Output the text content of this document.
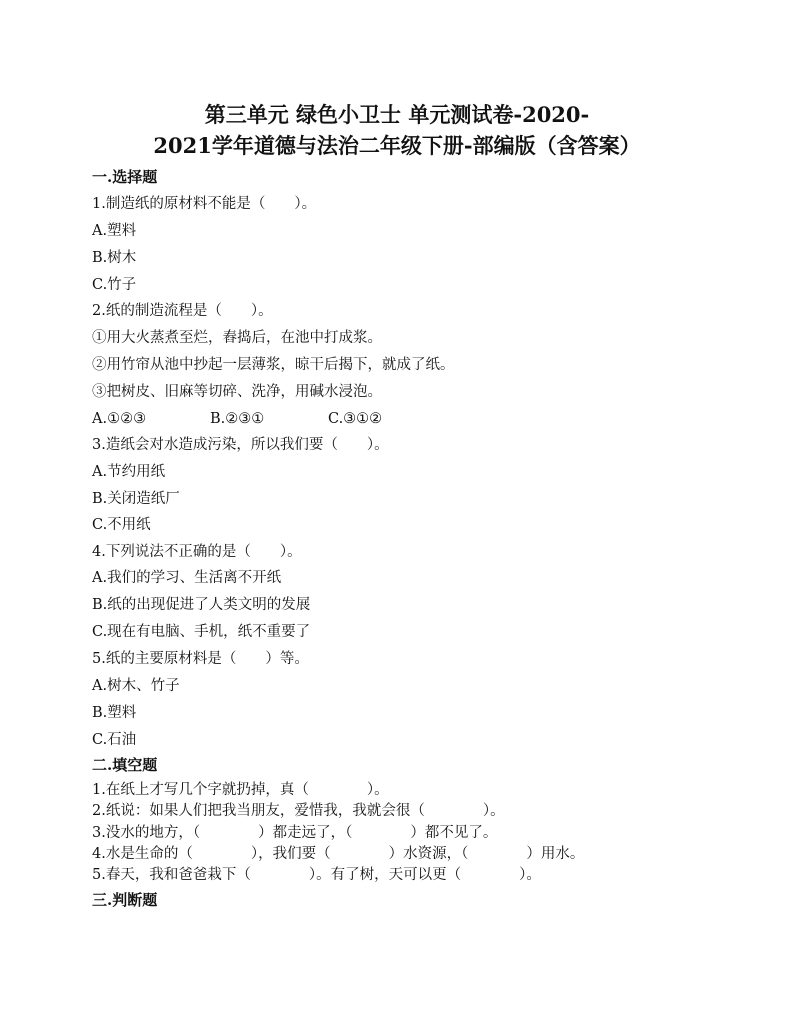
第三单元 绿色小卫士 单元测试卷-2020-
2021学年道德与法治二年级下册-部编版（含答案）
一.选择题
1.制造纸的原材料不能是（　　）。
A.塑料
B.树木
C.竹子
2.纸的制造流程是（　　）。
①用大火蒸煮至烂，舂捣后，在池中打成浆。
②用竹帘从池中抄起一层薄浆，晾干后揭下，就成了纸。
③把树皮、旧麻等切碎、洗净，用碱水浸泡。
A.①②③	B.②③①	C.③①②
3.造纸会对水造成污染，所以我们要（　　）。
A.节约用纸
B.关闭造纸厂
C.不用纸
4.下列说法不正确的是（　　）。
A.我们的学习、生活离不开纸
B.纸的出现促进了人类文明的发展
C.现在有电脑、手机，纸不重要了
5.纸的主要原材料是（　　）等。
A.树木、竹子
B.塑料
C.石油
二.填空题
1.在纸上才写几个字就扔掉，真（　　　　）。
2.纸说：如果人们把我当朋友，爱惜我，我就会很（　　　　）。
3.没水的地方，（　　　　）都走远了，（　　　　）都不见了。
4.水是生命的（　　　　），我们要（　　　　）水资源，（　　　　）用水。
5.春天，我和爸爸栽下（　　　　）。有了树，天可以更（　　　　）。
三.判断题
